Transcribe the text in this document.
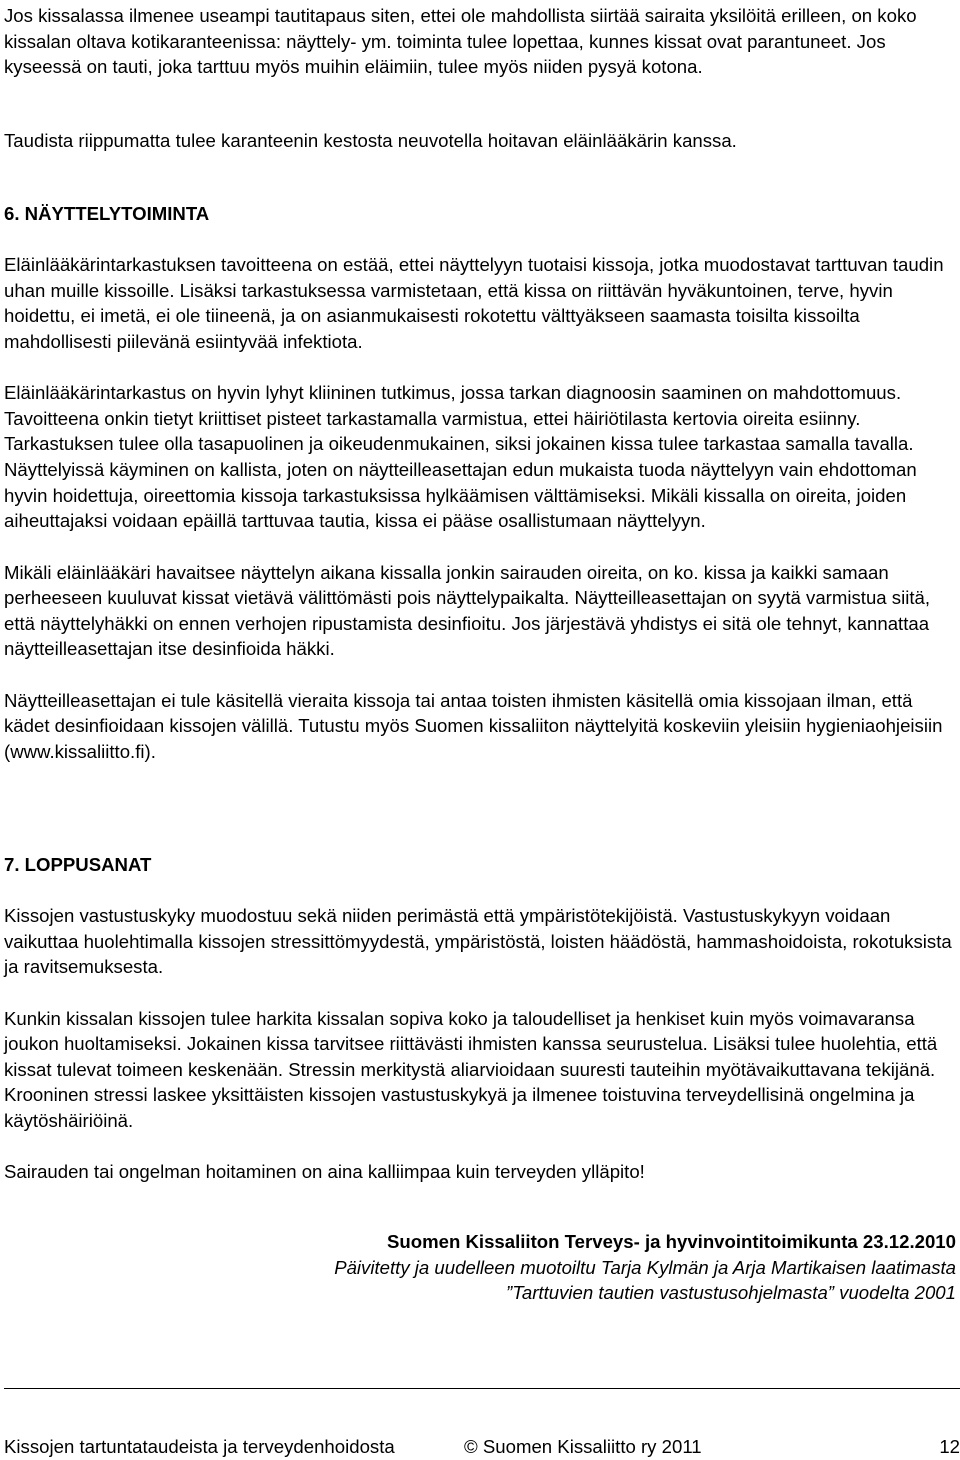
Jos kissalassa ilmenee useampi tautitapaus siten, ettei ole mahdollista siirtää sairaita yksilöitä erilleen, on koko kissalan oltava kotikaranteenissa: näyttely- ym. toiminta tulee lopettaa, kunnes kissat ovat parantuneet. Jos kyseessä on tauti, joka tarttuu myös muihin eläimiin, tulee myös niiden pysyä kotona.

Taudista riippumatta tulee karanteenin kestosta neuvotella hoitavan eläinlääkärin kanssa.

6. NÄYTTELYTOIMINTA

Eläinlääkärintarkastuksen tavoitteena on estää, ettei näyttelyyn tuotaisi kissoja, jotka muodostavat tarttuvan taudin uhan muille kissoille. Lisäksi tarkastuksessa varmistetaan, että kissa on riittävän hyväkuntoinen, terve, hyvin hoidettu, ei imetä, ei ole tiineenä, ja on asianmukaisesti rokotettu välttyäkseen saamasta toisilta kissoilta mahdollisesti piilevänä esiintyvää infektiota.

Eläinlääkärintarkastus on hyvin lyhyt kliininen tutkimus, jossa tarkan diagnoosin saaminen on mahdottomuus. Tavoitteena onkin tietyt kriittiset pisteet tarkastamalla varmistua, ettei häiriötilasta kertovia oireita esiinny. Tarkastuksen tulee olla tasapuolinen ja oikeudenmukainen, siksi jokainen kissa tulee tarkastaa samalla tavalla. Näyttelyissä käyminen on kallista, joten on näytteilleasettajan edun mukaista tuoda näyttelyyn vain ehdottoman hyvin hoidettuja, oireettomia kissoja tarkastuksissa hylkäämisen välttämiseksi. Mikäli kissalla on oireita, joiden aiheuttajaksi voidaan epäillä tarttuvaa tautia, kissa ei pääse osallistumaan näyttelyyn.

Mikäli eläinlääkäri havaitsee näyttelyn aikana kissalla jonkin sairauden oireita, on ko. kissa ja kaikki samaan perheeseen kuuluvat kissat vietävä välittömästi pois näyttelypaikalta. Näytteilleasettajan on syytä varmistua siitä, että näyttelyhäkki on ennen verhojen ripustamista desinfioitu. Jos järjestävä yhdistys ei sitä ole tehnyt, kannattaa näytteilleasettajan itse desinfioida häkki.

Näytteilleasettajan ei tule käsitellä vieraita kissoja tai antaa toisten ihmisten käsitellä omia kissojaan ilman, että kädet desinfioidaan kissojen välillä. Tutustu myös Suomen kissaliiton näyttelyitä koskeviin yleisiin hygieniaohjeisiin (www.kissaliitto.fi).

7. LOPPUSANAT

Kissojen vastustuskyky muodostuu sekä niiden perimästä että ympäristötekijöistä. Vastustuskykyyn voidaan vaikuttaa huolehtimalla kissojen stressittömyydestä, ympäristöstä, loisten häädöstä, hammashoidoista, rokotuksista ja ravitsemuksesta.

Kunkin kissalan kissojen tulee harkita kissalan sopiva koko ja taloudelliset ja henkiset kuin myös voimavaransa joukon huoltamiseksi. Jokainen kissa tarvitsee riittävästi ihmisten kanssa seurustelua. Lisäksi tulee huolehtia, että kissat tulevat toimeen keskenään. Stressin merkitystä aliarvioidaan suuresti tauteihin myötävaikuttavana tekijänä. Krooninen stressi laskee yksittäisten kissojen vastustuskykyä ja ilmenee toistuvina terveydellisinä ongelmina ja käytöshäiriöinä.

Sairauden tai ongelman hoitaminen on aina kalliimpaa kuin terveyden ylläpito!

Suomen Kissaliiton Terveys- ja hyvinvointitoimikunta 23.12.2010
Päivitetty ja uudelleen muotoiltu Tarja Kylmän ja Arja Martikaisen laatimasta
”Tarttuvien tautien vastustusohjelmasta” vuodelta 2001
Kissojen tartuntataudeista ja terveydenhoidosta	© Suomen Kissaliitto ry 2011	12
